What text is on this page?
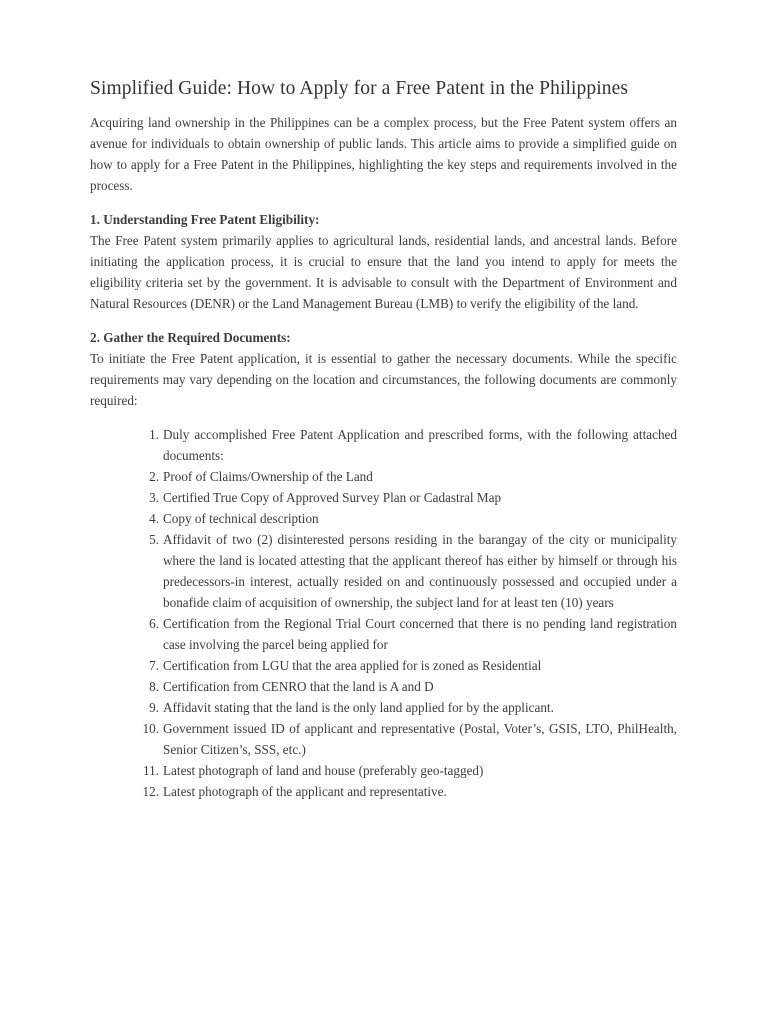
Simplified Guide: How to Apply for a Free Patent in the Philippines

Acquiring land ownership in the Philippines can be a complex process, but the Free Patent system offers an avenue for individuals to obtain ownership of public lands. This article aims to provide a simplified guide on how to apply for a Free Patent in the Philippines, highlighting the key steps and requirements involved in the process.

1. Understanding Free Patent Eligibility:

The Free Patent system primarily applies to agricultural lands, residential lands, and ancestral lands. Before initiating the application process, it is crucial to ensure that the land you intend to apply for meets the eligibility criteria set by the government. It is advisable to consult with the Department of Environment and Natural Resources (DENR) or the Land Management Bureau (LMB) to verify the eligibility of the land.

2. Gather the Required Documents:

To initiate the Free Patent application, it is essential to gather the necessary documents. While the specific requirements may vary depending on the location and circumstances, the following documents are commonly required:

1. Duly accomplished Free Patent Application and prescribed forms, with the following attached documents:
2. Proof of Claims/Ownership of the Land
3. Certified True Copy of Approved Survey Plan or Cadastral Map
4. Copy of technical description
5. Affidavit of two (2) disinterested persons residing in the barangay of the city or municipality where the land is located attesting that the applicant thereof has either by himself or through his predecessors-in interest, actually resided on and continuously possessed and occupied under a bonafide claim of acquisition of ownership, the subject land for at least ten (10) years
6. Certification from the Regional Trial Court concerned that there is no pending land registration case involving the parcel being applied for
7. Certification from LGU that the area applied for is zoned as Residential
8. Certification from CENRO that the land is A and D
9. Affidavit stating that the land is the only land applied for by the applicant.
10. Government issued ID of applicant and representative (Postal, Voter’s, GSIS, LTO, PhilHealth, Senior Citizen’s, SSS, etc.)
11. Latest photograph of land and house (preferably geo-tagged)
12. Latest photograph of the applicant and representative.
